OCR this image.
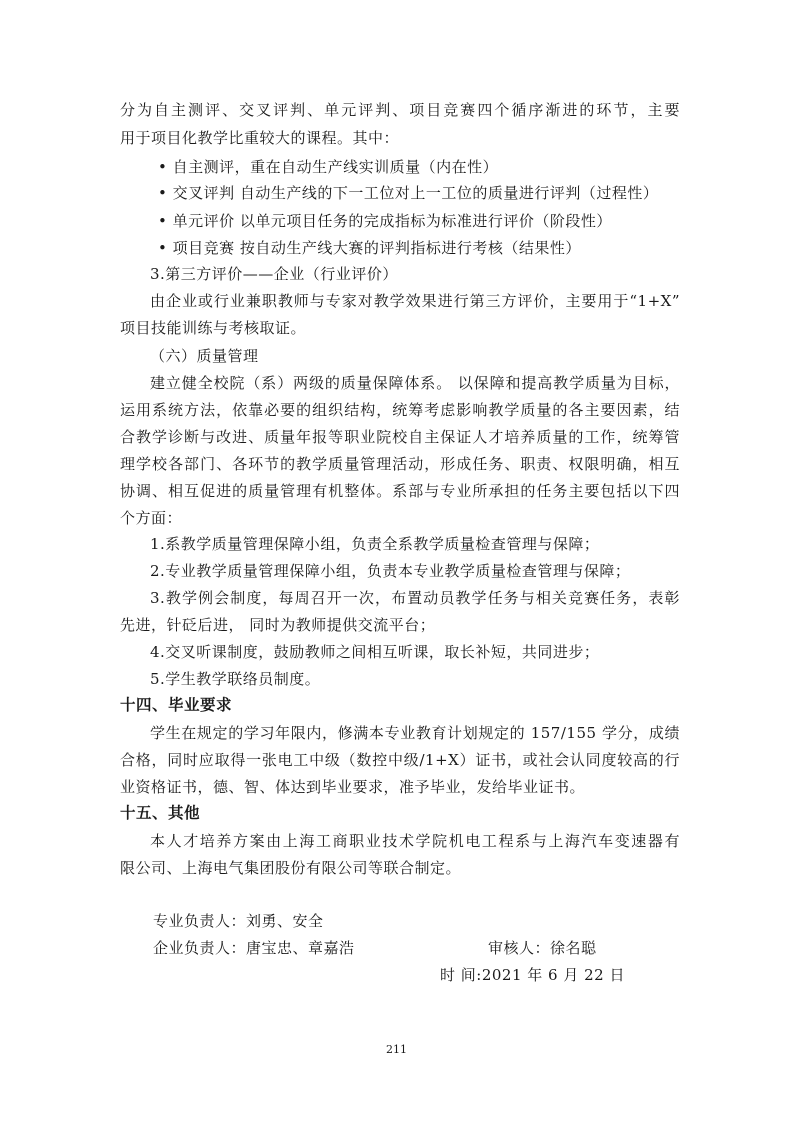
分为自主测评、交叉评判、单元评判、项目竞赛四个循序渐进的环节，主要
用于项目化教学比重较大的课程。其中：
• 自主测评，重在自动生产线实训质量（内在性）
• 交叉评判 自动生产线的下一工位对上一工位的质量进行评判（过程性）
• 单元评价 以单元项目任务的完成指标为标准进行评价（阶段性）
• 项目竞赛 按自动生产线大赛的评判指标进行考核（结果性）
3.第三方评价——企业（行业评价）
由企业或行业兼职教师与专家对教学效果进行第三方评价，主要用于“1+X”
项目技能训练与考核取证。
（六）质量管理
建立健全校院（系）两级的质量保障体系。 以保障和提高教学质量为目标，
运用系统方法，依靠必要的组织结构，统筹考虑影响教学质量的各主要因素，结
合教学诊断与改进、质量年报等职业院校自主保证人才培养质量的工作，统筹管
理学校各部门、各环节的教学质量管理活动，形成任务、职责、权限明确，相互
协调、相互促进的质量管理有机整体。系部与专业所承担的任务主要包括以下四
个方面：
1.系教学质量管理保障小组，负责全系教学质量检查管理与保障；
2.专业教学质量管理保障小组，负责本专业教学质量检查管理与保障；
3.教学例会制度，每周召开一次，布置动员教学任务与相关竞赛任务，表彰
先进，针砭后进， 同时为教师提供交流平台；
4.交叉听课制度，鼓励教师之间相互听课，取长补短，共同进步；
5.学生教学联络员制度。
十四、毕业要求
学生在规定的学习年限内，修满本专业教育计划规定的 157/155 学分，成绩
合格，同时应取得一张电工中级（数控中级/1+X）证书，或社会认同度较高的行
业资格证书，德、智、体达到毕业要求，准予毕业，发给毕业证书。
十五、其他
本人才培养方案由上海工商职业技术学院机电工程系与上海汽车变速器有
限公司、上海电气集团股份有限公司等联合制定。
专业负责人：刘勇、安全
企业负责人：唐宝忠、章嘉浩	审核人：徐名聪
时 间:2021 年 6 月 22 日
211
